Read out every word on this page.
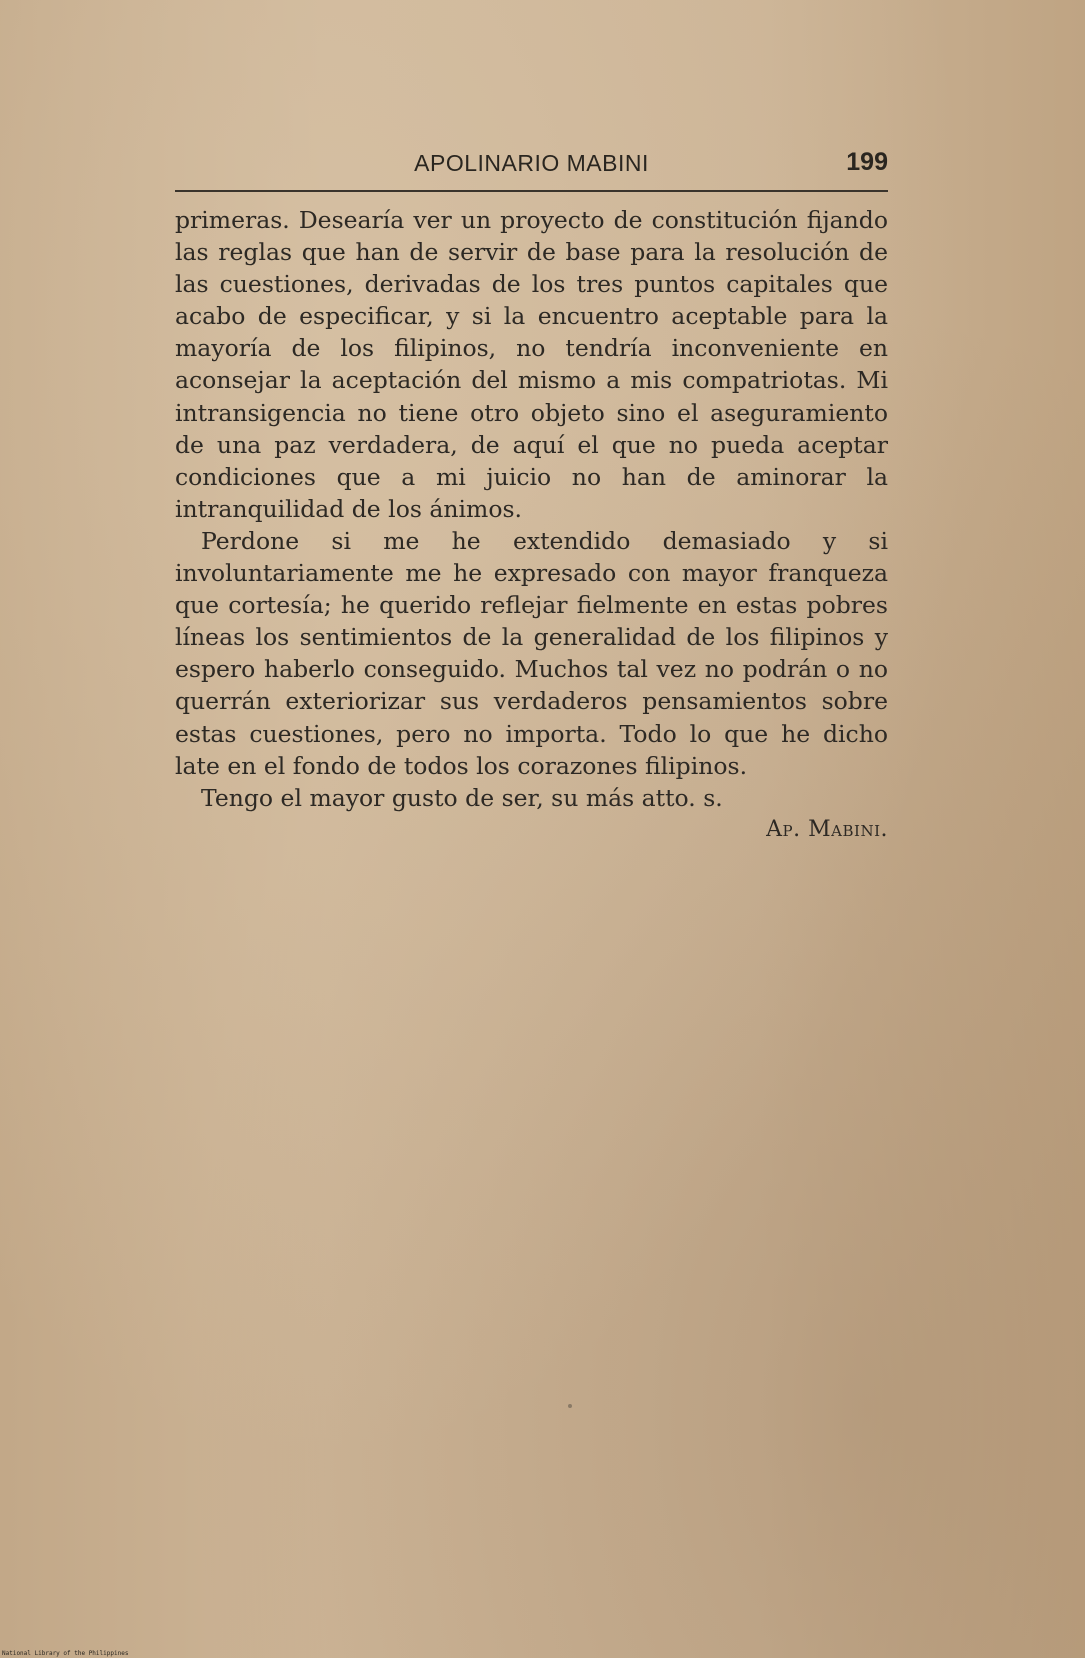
APOLINARIO MABINI	199

primeras. Desearía ver un proyecto de constitución fijando las reglas que han de servir de base para la resolución de las cuestiones, derivadas de los tres puntos capitales que acabo de especificar, y si la encuentro aceptable para la mayoría de los filipinos, no tendría inconveniente en aconsejar la aceptación del mismo a mis compatriotas. Mi intransigencia no tiene otro objeto sino el aseguramiento de una paz verdadera, de aquí el que no pueda aceptar condiciones que a mi juicio no han de aminorar la intranquilidad de los ánimos.

Perdone si me he extendido demasiado y si involuntariamente me he expresado con mayor franqueza que cortesía; he querido reflejar fielmente en estas pobres líneas los sentimientos de la generalidad de los filipinos y espero haberlo conseguido. Muchos tal vez no podrán o no querrán exteriorizar sus verdaderos pensamientos sobre estas cuestiones, pero no importa. Todo lo que he dicho late en el fondo de todos los corazones filipinos.

Tengo el mayor gusto de ser, su más atto. s.

Ap. Mabini.
National Library of the Philippines
